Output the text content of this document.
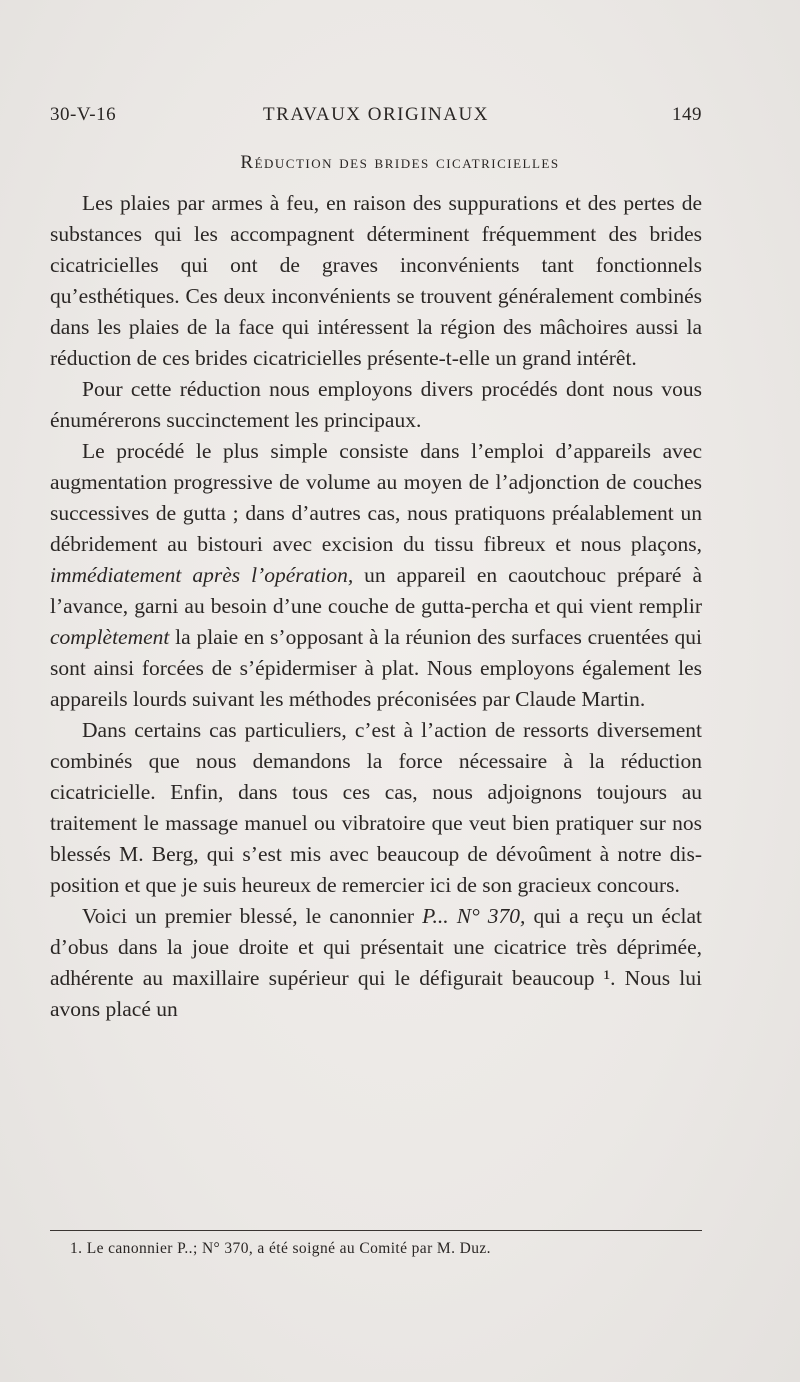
30-V-16	TRAVAUX ORIGINAUX	149
Réduction des brides cicatricielles

Les plaies par armes à feu, en raison des suppurations et des pertes de substances qui les accompagnent déterminent fréquemment des brides cicatricielles qui ont de graves inconvénients tant fonctionnels qu’esthétiques. Ces deux inconvénients se trouvent généralement combinés dans les plaies de la face qui intéressent la région des mâchoires aussi la réduction de ces brides cicatricielles présente-t-elle un grand intérêt.

Pour cette réduction nous employons divers procédés dont nous vous énumérerons succinctement les principaux.

Le procédé le plus simple consiste dans l’emploi d’appareils avec augmentation progressive de volume au moyen de l’adjonction de couches successives de gutta ; dans d’autres cas, nous pratiquons préalablement un débridement au bistouri avec excision du tissu fibreux et nous plaçons, immédiatement après l’opération, un appareil en caoutchouc préparé à l’avance, garni au besoin d’une couche de gutta-percha et qui vient remplir complètement la plaie en s’opposant à la réunion des surfaces cruentées qui sont ainsi forcées de s’épidermiser à plat. Nous employons également les appareils lourds suivant les méthodes préconisées par Claude Martin.

Dans certains cas particuliers, c’est à l’action de ressorts diversement combinés que nous demandons la force nécessaire à la réduction cicatricielle. Enfin, dans tous ces cas, nous adjoignons toujours au traitement le massage manuel ou vibratoire que veut bien pratiquer sur nos blessés M. Berg, qui s’est mis avec beaucoup de dévoûment à notre disposition et que je suis heureux de remercier ici de son gracieux concours.

Voici un premier blessé, le canonnier P... N° 370, qui a reçu un éclat d’obus dans la joue droite et qui présentait une cicatrice très déprimée, adhérente au maxillaire supérieur qui le défigurait beaucoup ¹. Nous lui avons placé un

1. Le canonnier P..; N° 370, a été soigné au Comité par M. Duz.
